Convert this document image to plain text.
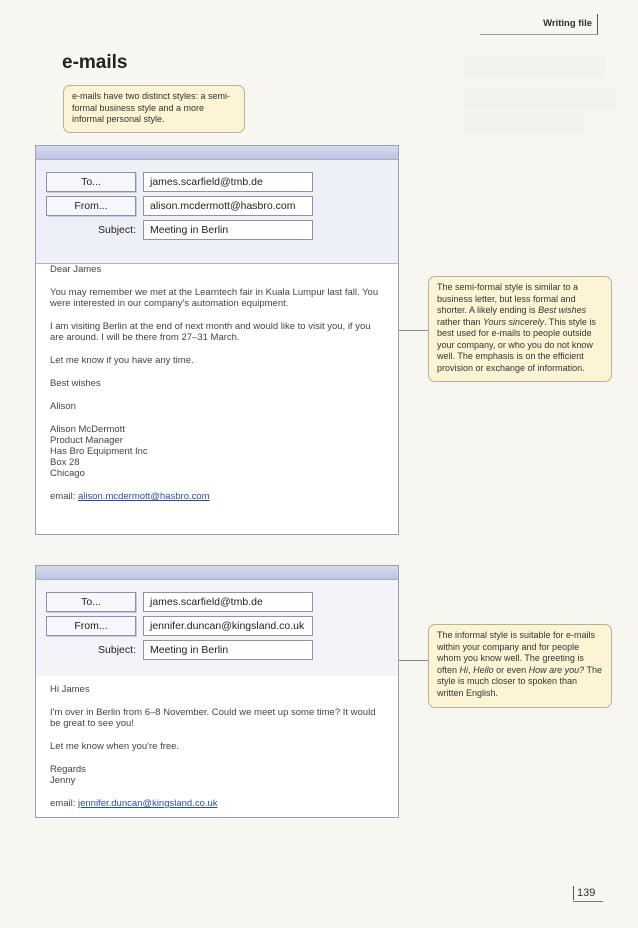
Writing file
e-mails
e-mails have two distinct styles: a semi-formal business style and a more informal personal style.
To...	james.scarfield@tmb.de
From...	alison.mcdermott@hasbro.com
Subject:	Meeting in Berlin

Dear James

You may remember we met at the Learntech fair in Kuala Lumpur last fall. You were interested in our company's automation equipment.

I am visiting Berlin at the end of next month and would like to visit you, if you are around. I will be there from 27–31 March.

Let me know if you have any time.

Best wishes

Alison

Alison McDermott

Product Manager

Has Bro Equipment Inc

Box 28

Chicago

email: alison.mcdermott@hasbro.com

The semi-formal style is similar to a business letter, but less formal and shorter. A likely ending is Best wishes rather than Yours sincerely. This style is best used for e-mails to people outside your company, or who you do not know well. The emphasis is on the efficient provision or exchange of information.
To...	james.scarfield@tmb.de
From...	jennifer.duncan@kingsland.co.uk
Subject:	Meeting in Berlin

Hi James

I'm over in Berlin from 6–8 November. Could we meet up some time? It would be great to see you!

Let me know when you're free.

Regards

Jenny

email: jennifer.duncan@kingsland.co.uk

The informal style is suitable for e-mails within your company and for people whom you know well. The greeting is often Hi, Hello or even How are you? The style is much closer to spoken than written English.
139
